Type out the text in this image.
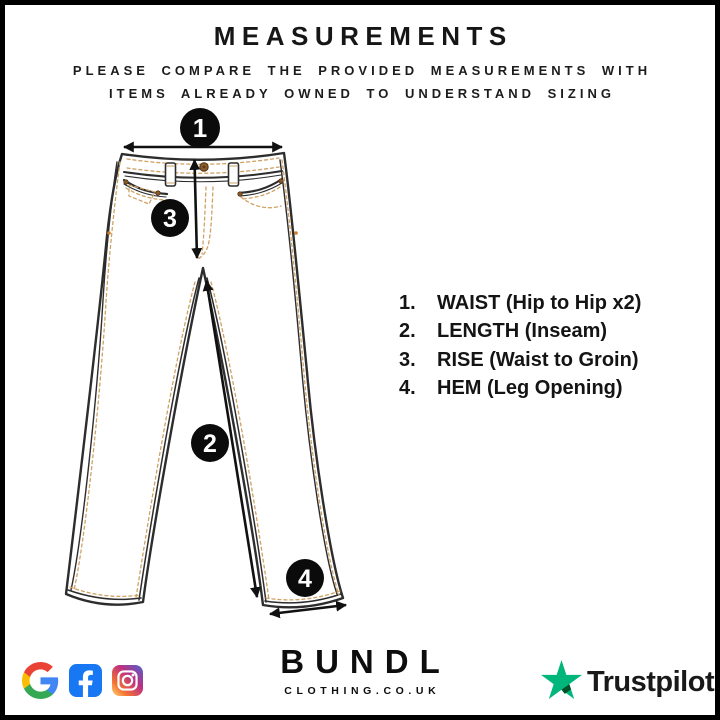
MEASUREMENTS
PLEASE COMPARE THE PROVIDED MEASUREMENTS WITH
ITEMS ALREADY OWNED TO UNDERSTAND SIZING
1
3
2
4
1.	WAIST (Hip to Hip x2)
2.	LENGTH (Inseam)
3.	RISE (Waist to Groin)
4.	HEM (Leg Opening)
BUNDL
CLOTHING.CO.UK	Trustpilot
